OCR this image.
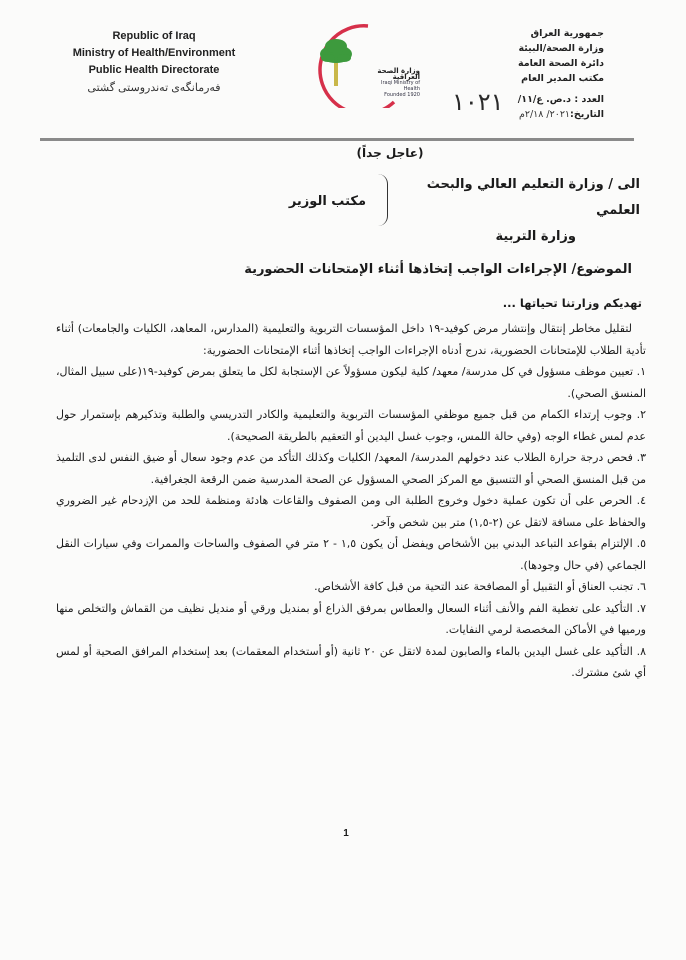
Republic of Iraq
Ministry of Health/Environment
Public Health Directorate
فەرمانگەی تەندروستی گشتی
وزارة الصحة العراقية
Iraqi Ministry of Health
Founded 1920
جمهورية العراق
وزارة الصحة/البيئة
دائرة الصحة العامة
مكتب المدير العام
العدد : د.ص. ع/١١/
التاريخ:٢٠٢١/ ٢/١٨م
١٠٢١
(عاجل جداً)
الى / وزارة التعليم العالي والبحث العلمي
وزارة التربية
مكتب الوزير
الموضوع/ الإجراءات الواجب إتخاذها أثناء الإمتحانات الحضورية
تهديكم وزارتنا تحياتها ...
لتقليل مخاطر إنتقال وإنتشار مرض كوفيد-١٩ داخل المؤسسات التربوية والتعليمية (المدارس، المعاهد، الكليات والجامعات) أثناء تأدية الطلاب للإمتحانات الحضورية، ندرج أدناه الإجراءات الواجب إتخاذها أثناء الإمتحانات الحضورية:
١. تعيين موظف مسؤول في كل مدرسة/ معهد/ كلية ليكون مسؤولاً عن الإستجابة لكل ما يتعلق بمرض كوفيد-١٩(على سبيل المثال، المنسق الصحي).
٢. وجوب إرتداء الكمام من قبل جميع موظفي المؤسسات التربوية والتعليمية والكادر التدريسي والطلبة وتذكيرهم بإستمرار حول عدم لمس غطاء الوجه (وفي حالة اللمس، وجوب غسل اليدين أو التعقيم بالطريقة الصحيحة).
٣. فحص درجة حرارة الطلاب عند دخولهم المدرسة/ المعهد/ الكليات وكذلك التأكد من عدم وجود سعال أو ضيق النفس لدى التلميذ من قبل المنسق الصحي أو التنسيق مع المركز الصحي المسؤول عن الصحة المدرسية ضمن الرقعة الجغرافية.
٤. الحرص على أن تكون عملية دخول وخروج الطلبة الى ومن الصفوف والقاعات هادئة ومنظمة للحد من الإزدحام غير الضروري والحفاظ على مسافة لاتقل عن (٢-١,٥) متر بين شخص وآخر.
٥. الإلتزام بقواعد التباعد البدني بين الأشخاص ويفضل أن يكون ١,٥ - ٢ متر في الصفوف والساحات والممرات وفي سيارات النقل الجماعي (في حال وجودها).
٦. تجنب العناق أو التقبيل أو المصافحة عند التحية من قبل كافة الأشخاص.
٧. التأكيد على تغطية الفم والأنف أثناء السعال والعطاس بمرفق الذراع أو بمنديل ورقي أو منديل نظيف من القماش والتخلص منها ورميها في الأماكن المخصصة لرمي النفايات.
٨. التأكيد على غسل اليدين بالماء والصابون لمدة لاتقل عن ٢٠ ثانية (أو أستخدام المعقمات) بعد إستخدام المرافق الصحية أو لمس أي شئ مشترك.
1
